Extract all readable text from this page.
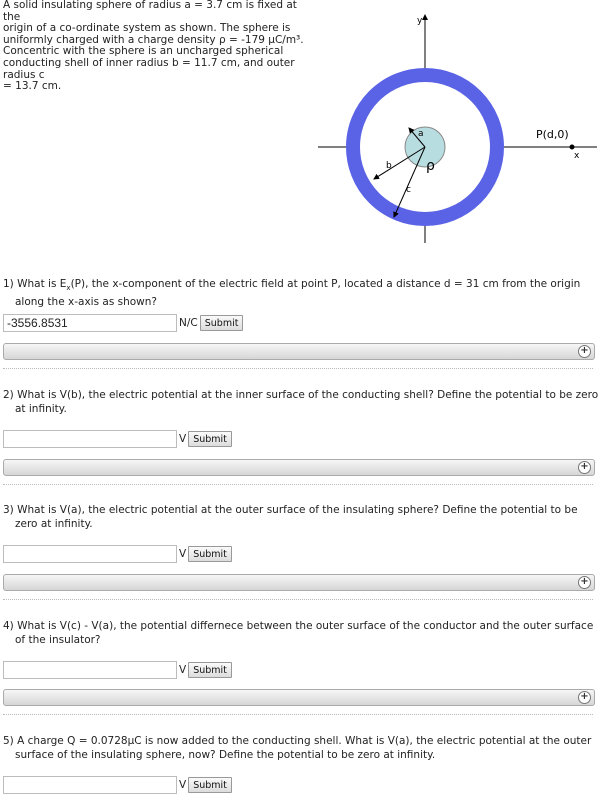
A solid insulating sphere of radius a = 3.7 cm is fixed at the
origin of a co-ordinate system as shown. The sphere is
uniformly charged with a charge density ρ = -179 μC/m³.
Concentric with the sphere is an uncharged spherical
conducting shell of inner radius b = 11.7 cm, and outer radius c
= 13.7 cm.
a
b
c
ρ
y
x
P(d,0)
1) What is $E_x(P)$, the x-component of the electric field at point P, located a distance d = 31 cm from the origin along the x-axis as shown?
-3556.8531
N/C Submit
+
2) What is V(b), the electric potential at the inner surface of the conducting shell? Define the potential to be zero at infinity.
V Submit
+
3) What is V(a), the electric potential at the outer surface of the insulating sphere? Define the potential to be zero at infinity.
V Submit
+
4) What is V(c) - V(a), the potential differnece between the outer surface of the conductor and the outer surface of the insulator?
V Submit
+
5) A charge Q = 0.0728μC is now added to the conducting shell. What is V(a), the electric potential at the outer surface of the insulating sphere, now? Define the potential to be zero at infinity.
V Submit
